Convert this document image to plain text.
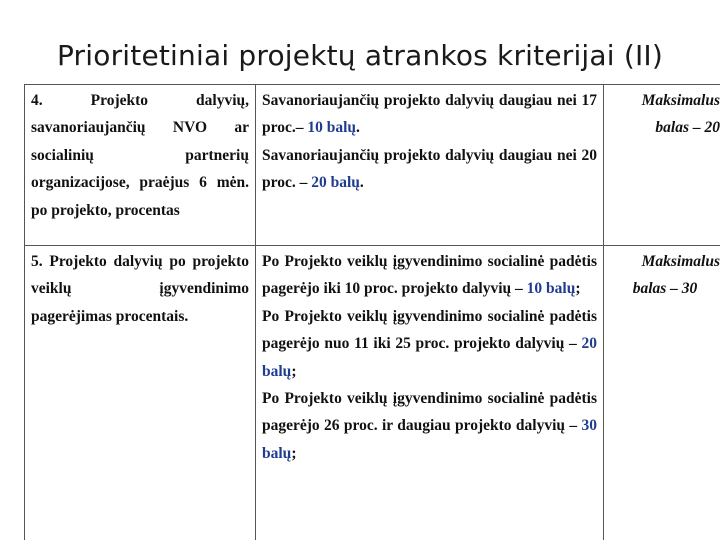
Prioritetiniai projektų atrankos kriterijai (II)
4. Projekto dalyvių, savanoriaujančių NVO ar socialinių partnerių organizacijose, praėjus 6 mėn. po projekto, procentas	Savanoriaujančių projekto dalyvių daugiau nei 17 proc.– 10 balų.
Savanoriaujančių projekto dalyvių daugiau nei 20 proc. – 20 balų.	Maksimalus
balas – 20
5. Projekto dalyvių po projekto veiklų įgyvendinimo pagerėjimas procentais.	Po Projekto veiklų įgyvendinimo socialinė padėtis pagerėjo iki 10 proc. projekto dalyvių – 10 balų;
Po Projekto veiklų įgyvendinimo socialinė padėtis pagerėjo nuo 11 iki 25 proc. projekto dalyvių – 20 balų;
Po Projekto veiklų įgyvendinimo socialinė padėtis pagerėjo 26 proc. ir daugiau projekto dalyvių – 30 balų;	Maksimalus

balas – 30
